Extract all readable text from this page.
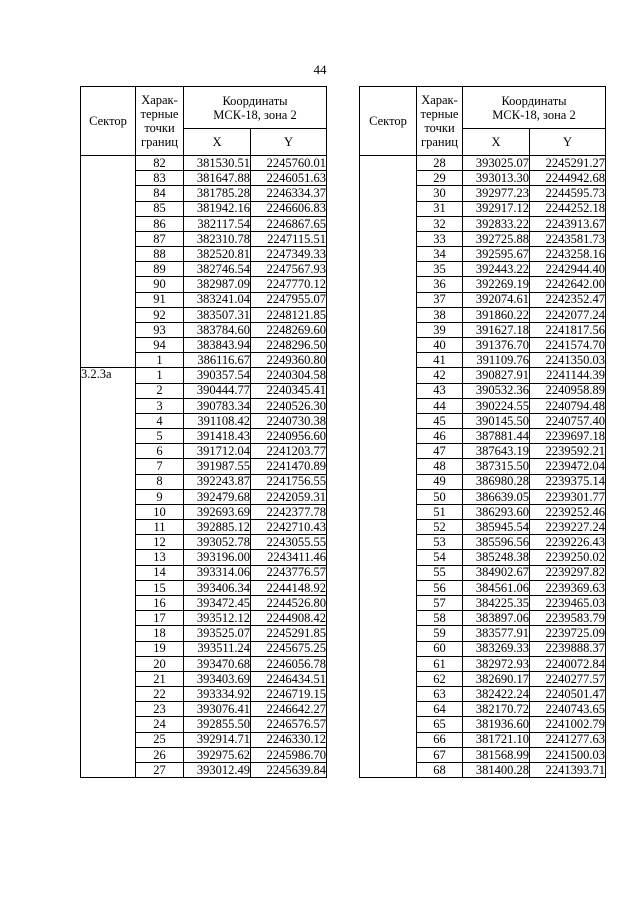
44
Сектор	Харак-
терные
точки
границ	Координаты
МСК-18, зона 2	
		X	Y
	82	381530.51	2245760.01
	83	381647.88	2246051.63
	84	381785.28	2246334.37
	85	381942.16	2246606.83
	86	382117.54	2246867.65
	87	382310.78	2247115.51
	88	382520.81	2247349.33
	89	382746.54	2247567.93
	90	382987.09	2247770.12
	91	383241.04	2247955.07
	92	383507.31	2248121.85
	93	383784.60	2248269.60
	94	383843.94	2248296.50
	1	386116.67	2249360.80
3.2.3а	1	390357.54	2240304.58
	2	390444.77	2240345.41
	3	390783.34	2240526.30
	4	391108.42	2240730.38
	5	391418.43	2240956.60
	6	391712.04	2241203.77
	7	391987.55	2241470.89
	8	392243.87	2241756.55
	9	392479.68	2242059.31
	10	392693.69	2242377.78
	11	392885.12	2242710.43
	12	393052.78	2243055.55
	13	393196.00	2243411.46
	14	393314.06	2243776.57
	15	393406.34	2244148.92
	16	393472.45	2244526.80
	17	393512.12	2244908.42
	18	393525.07	2245291.85
	19	393511.24	2245675.25
	20	393470.68	2246056.78
	21	393403.69	2246434.51
	22	393334.92	2246719.15
	23	393076.41	2246642.27
	24	392855.50	2246576.57
	25	392914.71	2246330.12
	26	392975.62	2245986.70
	27	393012.49	2245639.84
Сектор	Харак-
терные
точки
границ	Координаты
МСК-18, зона 2	
		X	Y
	28	393025.07	2245291.27
	29	393013.30	2244942.68
	30	392977.23	2244595.73
	31	392917.12	2244252.18
	32	392833.22	2243913.67
	33	392725.88	2243581.73
	34	392595.67	2243258.16
	35	392443.22	2242944.40
	36	392269.19	2242642.00
	37	392074.61	2242352.47
	38	391860.22	2242077.24
	39	391627.18	2241817.56
	40	391376.70	2241574.70
	41	391109.76	2241350.03
	42	390827.91	2241144.39
	43	390532.36	2240958.89
	44	390224.55	2240794.48
	45	390145.50	2240757.40
	46	387881.44	2239697.18
	47	387643.19	2239592.21
	48	387315.50	2239472.04
	49	386980.28	2239375.14
	50	386639.05	2239301.77
	51	386293.60	2239252.46
	52	385945.54	2239227.24
	53	385596.56	2239226.43
	54	385248.38	2239250.02
	55	384902.67	2239297.82
	56	384561.06	2239369.63
	57	384225.35	2239465.03
	58	383897.06	2239583.79
	59	383577.91	2239725.09
	60	383269.33	2239888.37
	61	382972.93	2240072.84
	62	382690.17	2240277.57
	63	382422.24	2240501.47
	64	382170.72	2240743.65
	65	381936.60	2241002.79
	66	381721.10	2241277.63
	67	381568.99	2241500.03
	68	381400.28	2241393.71
